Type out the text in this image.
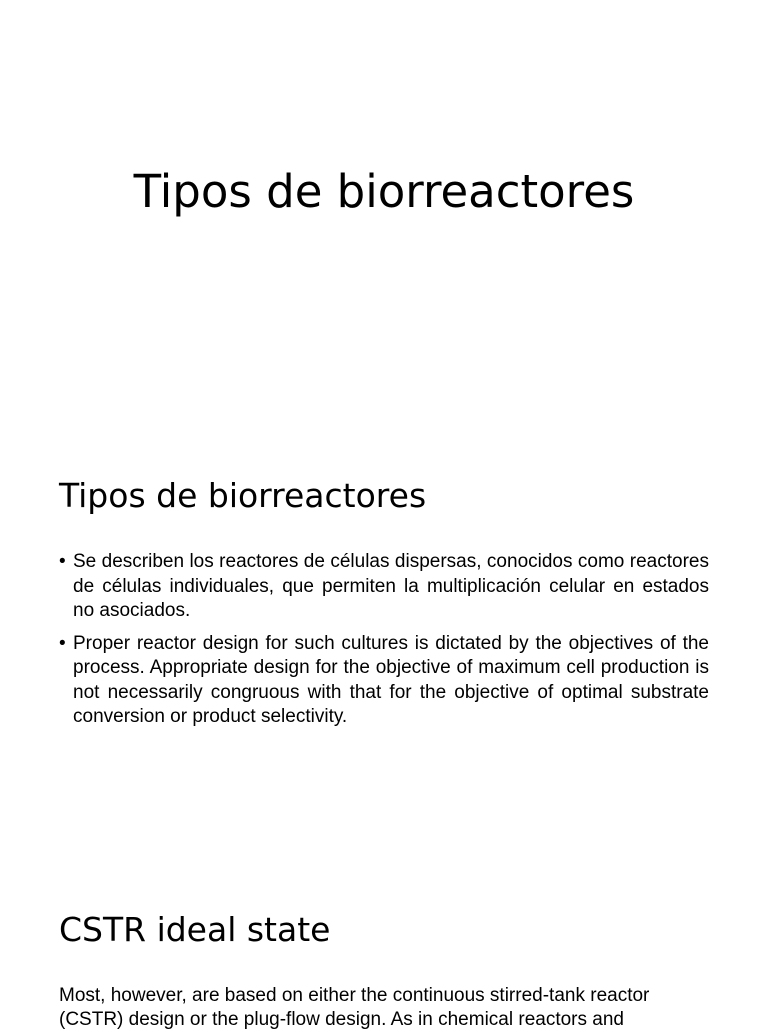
Tipos de biorreactores
Tipos de biorreactores
• Se describen los reactores de células dispersas, conocidos como reactores de células individuales, que permiten la multiplicación celular en estados no asociados.
• Proper reactor design for such cultures is dictated by the objectives of the process. Appropriate design for the objective of maximum cell production is not necessarily congruous with that for the objective of optimal substrate conversion or product selectivity.
CSTR ideal state

Most, however, are based on either the continuous stirred-tank reactor (CSTR) design or the plug-flow design. As in chemical reactors and
